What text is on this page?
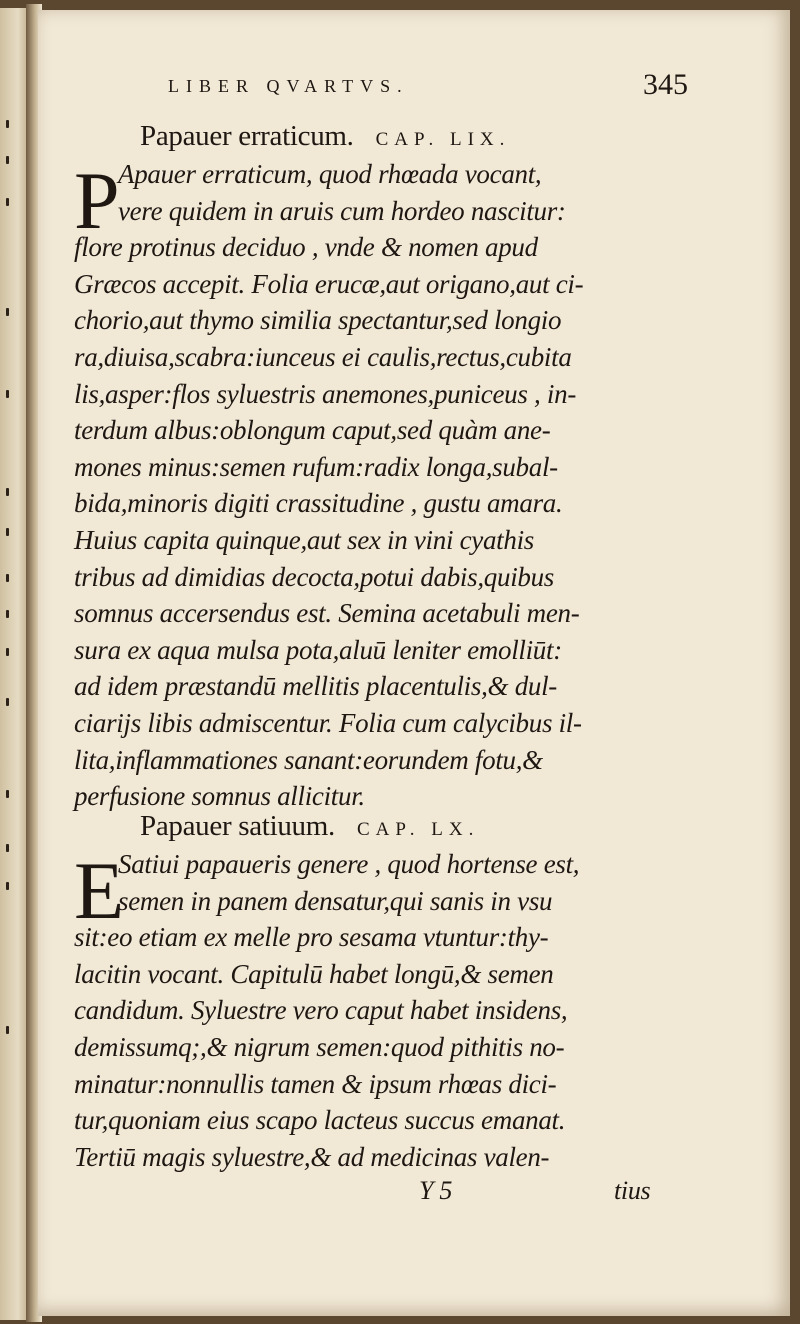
LIBER QVARTVS.	345
Papauer erraticum. CAP. LIX.
P
Apauer erraticum, quod rhœada vocant,
vere quidem in aruis cum hordeo nascitur:
flore protinus deciduo , vnde & nomen apud
Græcos accepit. Folia erucæ,aut origano,aut ci-
chorio,aut thymo similia spectantur,sed longio
ra,diuisa,scabra:iunceus ei caulis,rectus,cubita
lis,asper:flos syluestris anemones,puniceus , in-
terdum albus:oblongum caput,sed quàm ane-
mones minus:semen rufum:radix longa,subal-
bida,minoris digiti crassitudine , gustu amara.
Huius capita quinque,aut sex in vini cyathis
tribus ad dimidias decocta,potui dabis,quibus
somnus accersendus est. Semina acetabuli men-
sura ex aqua mulsa pota,aluū leniter emolliūt:
ad idem præstandū mellitis placentulis,& dul-
ciarijs libis admiscentur. Folia cum calycibus il-
lita,inflammationes sanant:eorundem fotu,&
perfusione somnus allicitur.
Papauer satiuum. CAP. LX.
E
Satiui papaueris genere , quod hortense est,
semen in panem densatur,qui sanis in vsu
sit:eo etiam ex melle pro sesama vtuntur:thy-
lacitin vocant. Capitulū habet longū,& semen
candidum. Syluestre vero caput habet insidens,
demissumq;,& nigrum semen:quod pithitis no-
minatur:nonnullis tamen & ipsum rhœas dici-
tur,quoniam eius scapo lacteus succus emanat.
Tertiū magis syluestre,& ad medicinas valen-
Y 5	tius
